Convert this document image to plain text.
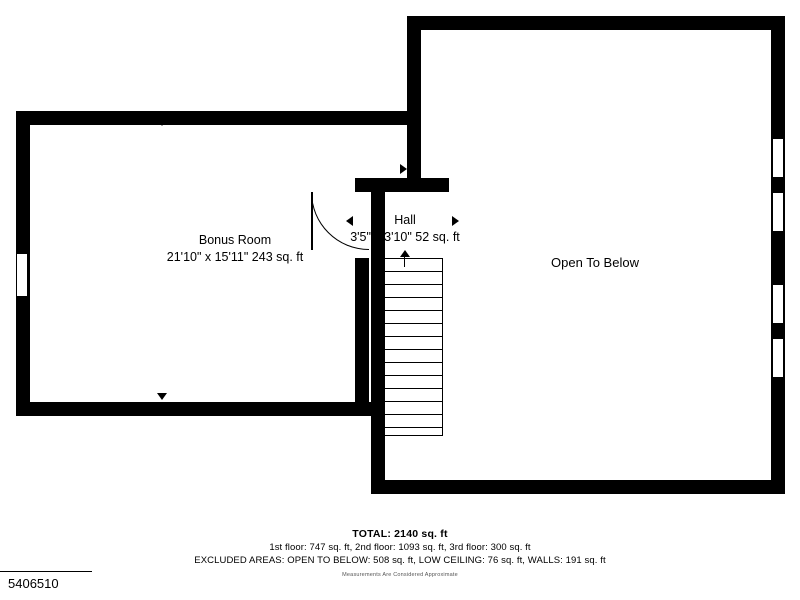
Bonus Room
21'10" x 15'11" 243 sq. ft
Hall
3'5" x 3'10" 52 sq. ft
Open To Below
TOTAL: 2140 sq. ft
1st floor: 747 sq. ft, 2nd floor: 1093 sq. ft, 3rd floor: 300 sq. ft
EXCLUDED AREAS: OPEN TO BELOW: 508 sq. ft, LOW CEILING: 76 sq. ft, WALLS: 191 sq. ft
Measurements Are Considered Approximate
5406510
